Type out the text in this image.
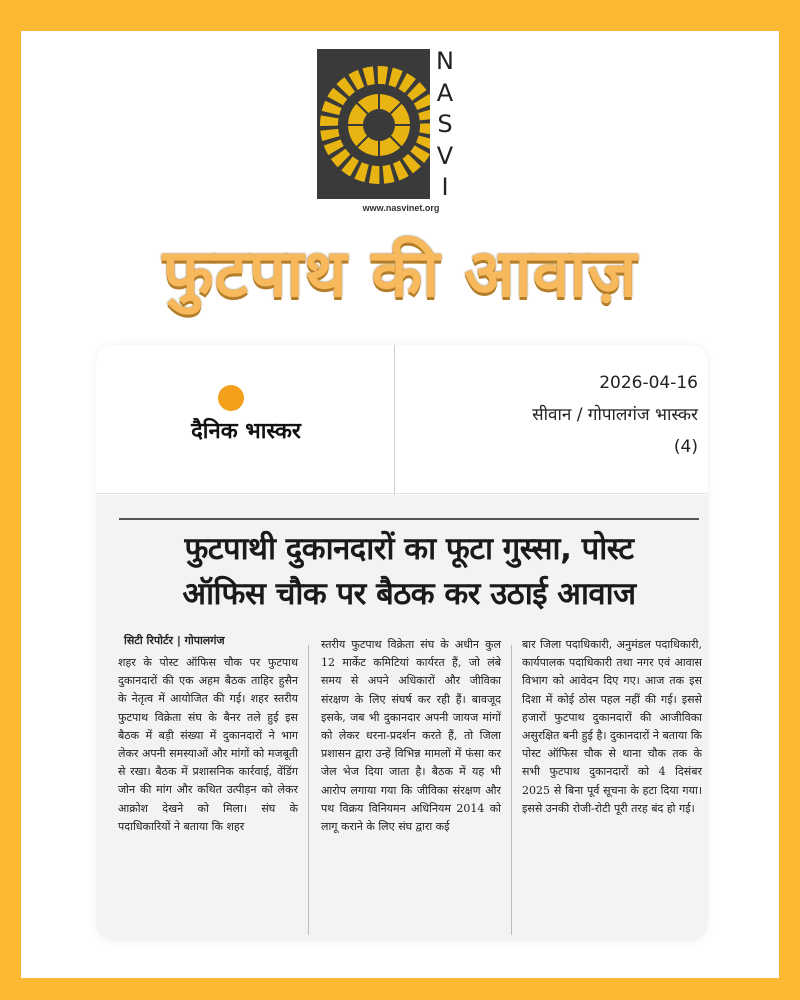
N
A
S
V
I
www.nasvinet.org
फुटपाथ की आवाज़
दैनिक भास्कर
2026-04-16
सीवान / गोपालगंज भास्कर
(4)
फुटपाथी दुकानदारों का फूटा गुस्सा, पोस्ट
ऑफिस चौक पर बैठक कर उठाई आवाज
सिटी रिपोर्टर | गोपालगंज
शहर के पोस्ट ऑफिस चौक पर फुटपाथ दुकानदारों की एक अहम बैठक ताहिर हुसैन के नेतृत्व में आयोजित की गई। शहर स्तरीय फुटपाथ विक्रेता संघ के बैनर तले हुई इस बैठक में बड़ी संख्या में दुकानदारों ने भाग लेकर अपनी समस्याओं और मांगों को मजबूती से रखा। बैठक में प्रशासनिक कार्रवाई, वेंडिंग जोन की मांग और कथित उत्पीड़न को लेकर आक्रोश देखने को मिला। संघ के पदाधिकारियों ने बताया कि शहर
स्तरीय फुटपाथ विक्रेता संघ के अधीन कुल 12 मार्केट कमिटियां कार्यरत हैं, जो लंबे समय से अपने अधिकारों और जीविका संरक्षण के लिए संघर्ष कर रही हैं। बावजूद इसके, जब भी दुकानदार अपनी जायज मांगों को लेकर धरना-प्रदर्शन करते हैं, तो जिला प्रशासन द्वारा उन्हें विभिन्न मामलों में फंसा कर जेल भेज दिया जाता है। बैठक में यह भी आरोप लगाया गया कि जीविका संरक्षण और पथ विक्रय विनियमन अधिनियम 2014 को लागू कराने के लिए संघ द्वारा कई
बार जिला पदाधिकारी, अनुमंडल पदाधिकारी, कार्यपालक पदाधिकारी तथा नगर एवं आवास विभाग को आवेदन दिए गए। आज तक इस दिशा में कोई ठोस पहल नहीं की गई। इससे हजारों फुटपाथ दुकानदारों की आजीविका असुरक्षित बनी हुई है। दुकानदारों ने बताया कि पोस्ट ऑफिस चौक से थाना चौक तक के सभी फुटपाथ दुकानदारों को 4 दिसंबर 2025 से बिना पूर्व सूचना के हटा दिया गया। इससे उनकी रोजी-रोटी पूरी तरह बंद हो गई।
